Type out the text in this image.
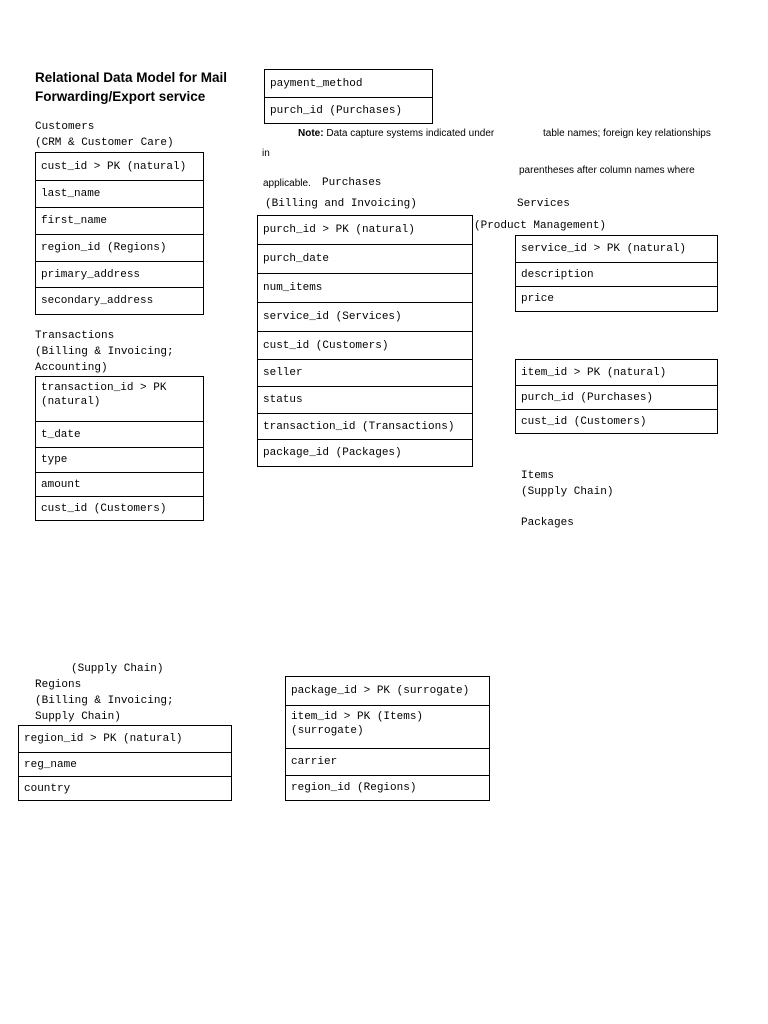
Relational Data Model for Mail
Forwarding/Export service
Note: Data capture systems indicated under	table names; foreign key relationships
in
parentheses after column names where
applicable.
Customers
(CRM & Customer Care)
cust_id > PK (natural)
last_name
first_name
region_id (Regions)
primary_address
secondary_address
Transactions
(Billing & Invoicing;
Accounting)
transaction_id > PK
(natural)
t_date
type
amount
cust_id (Customers)
payment_method
purch_id (Purchases)
Purchases
(Billing and Invoicing)
purch_id > PK (natural)
purch_date
num_items
service_id (Services)
cust_id (Customers)
seller
status
transaction_id (Transactions)
package_id (Packages)
Services
(Product Management)
service_id > PK (natural)
description
price
item_id > PK (natural)
purch_id (Purchases)
cust_id (Customers)
Items
(Supply Chain)
Packages
(Supply Chain)
Regions
(Billing & Invoicing;
Supply Chain)
region_id > PK (natural)
reg_name
country
package_id > PK (surrogate)
item_id > PK (Items)
(surrogate)
carrier
region_id (Regions)
